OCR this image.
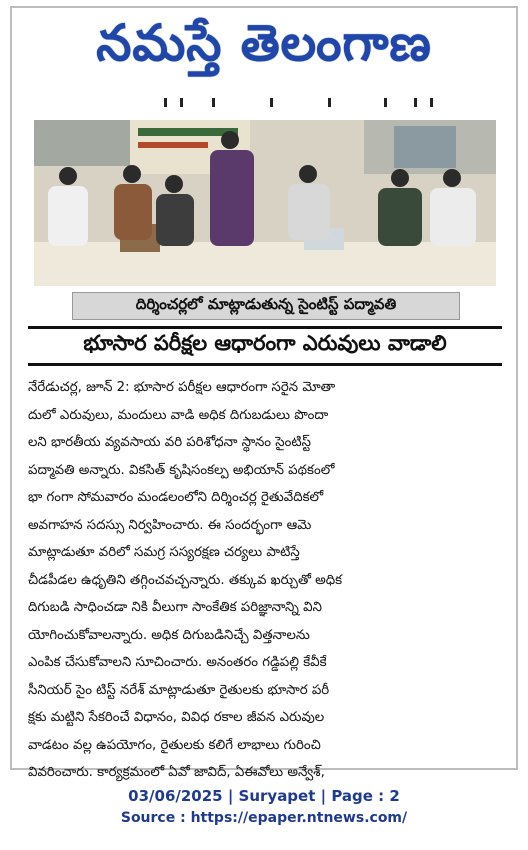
నమస్తే తెలంగాణ
దిర్శించర్లలో మాట్లాడుతున్న సైంటిస్ట్ పద్మావతి
భూసార పరీక్షల ఆధారంగా ఎరువులు వాడాలి
నేరేడుచర్ల, జూన్ 2: భూసార పరీక్షల ఆధారంగా సరైన మోతా
దులో ఎరువులు, మందులు వాడి అధిక దిగుబడులు పొందా
లని భారతీయ వ్యవసాయ వరి పరిశోధనా స్థానం సైంటిస్ట్
పద్మావతి అన్నారు. వికసిత్ కృషిసంకల్ప అభియాన్ పథకంలో
భా గంగా సోమవారం మండలంలోని దిర్శించర్ల రైతువేదికలో
అవగాహన సదస్సు నిర్వహించారు. ఈ సందర్భంగా ఆమె
మాట్లాడుతూ వరిలో సమగ్ర సస్యరక్షణ చర్యలు పాటిస్తే
చీడపీడల ఉధృతిని తగ్గించవచ్చన్నారు. తక్కువ ఖర్చుతో అధిక
దిగుబడి సాధించడా నికి వీలుగా సాంకేతిక పరిజ్ఞానాన్ని విని
యోగించుకోవాలన్నారు. అధిక దిగుబడినిచ్చే విత్తనాలను
ఎంపిక చేసుకోవాలని సూచించారు. అనంతరం గడ్డిపల్లి కేవీకే
సీనియర్ సైం టిస్ట్ నరేశ్ మాట్లాడుతూ రైతులకు భూసార పరీ
క్షకు మట్టిని సేకరించే విధానం, వివిధ రకాల జీవన ఎరువుల
వాడటం వల్ల ఉపయోగం, రైతులకు కలిగే లాభాలు గురించి
వివరించారు. కార్యక్రమంలో ఏవో జావిద్, ఏఈవోలు అన్వేశ్,
03/06/2025 | Suryapet | Page : 2
Source : https://epaper.ntnews.com/
